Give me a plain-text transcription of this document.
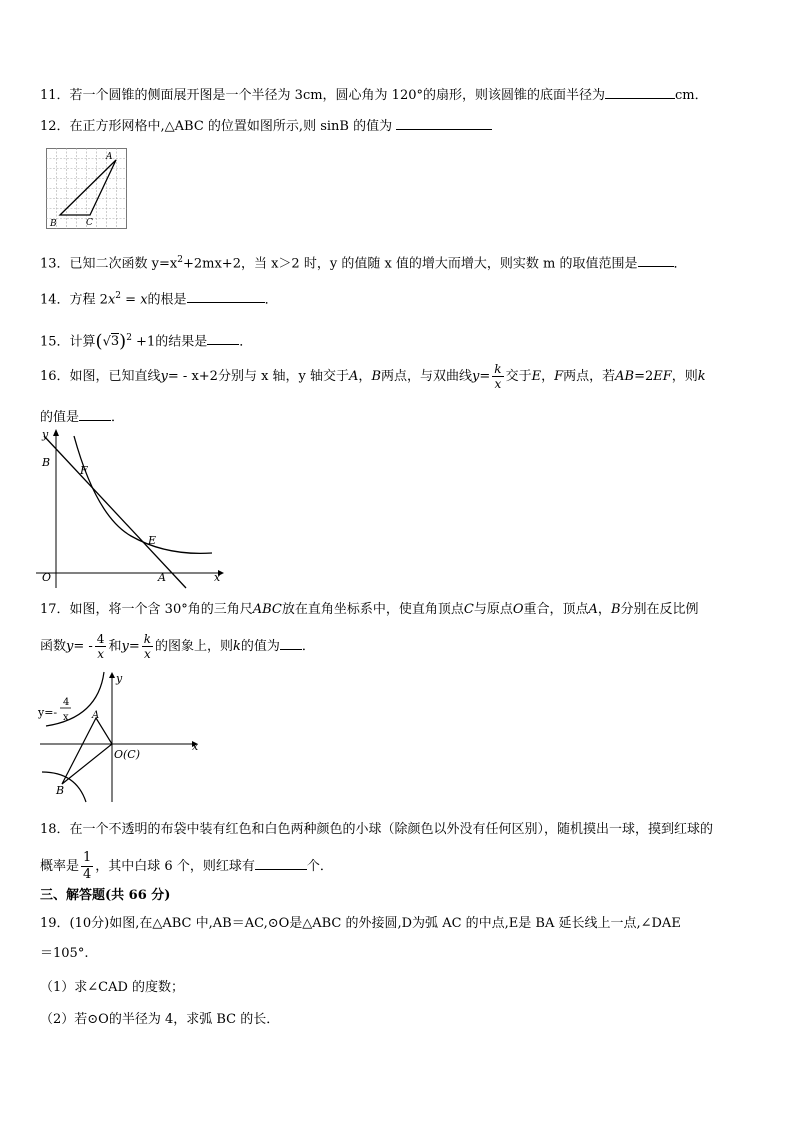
11．若一个圆锥的侧面展开图是一个半径为 3cm，圆心角为 120°的扇形，则该圆锥的底面半径为	cm．
12．在正方形网格中,△ABC 的位置如图所示,则 sinB 的值为
A
B	C
13．已知二次函数 $y=x^2+2mx+2$，当 x＞2 时，y 的值随 x 值的增大而增大，则实数 m 的取值范围是	．
14．方程 $2x^2 = x$的根是	．
15．计算$(√3)^2 +1$的结果是 ．
16．如图，已知直线y= - x+2分别与 x 轴，y 轴交于A，B两点，与双曲线$y= \frac{k}{x}$ 交于E，F两点，若AB=2EF，则k
的值是 ．
y
B
F
E
O	A	x
17．如图，将一个含 30°角的三角尺ABC放在直角坐标系中，使直角顶点C与原点O重合，顶点A，B分别在反比例
函数$y= - \frac{4}{x}$ 和$y= \frac{k}{x}$ 的图象上，则k的值为 ．
y
y=-
4
x A
O(C)
x
B
18．在一个不透明的布袋中装有红色和白色两种颜色的小球（除颜色以外没有任何区别），随机摸出一球，摸到红球的
概率是 $\frac{1}{4}$ ，其中白球 6 个，则红球有	个．
三、解答题(共 66 分)
19．(10分)如图,在△ABC 中,AB＝AC,⊙O是△ABC 的外接圆,D为弧 AC 的中点,E是 BA 延长线上一点,∠DAE
＝105°.
（1）求∠CAD 的度数；
（2）若⊙O的半径为 4，求弧 BC 的长．
